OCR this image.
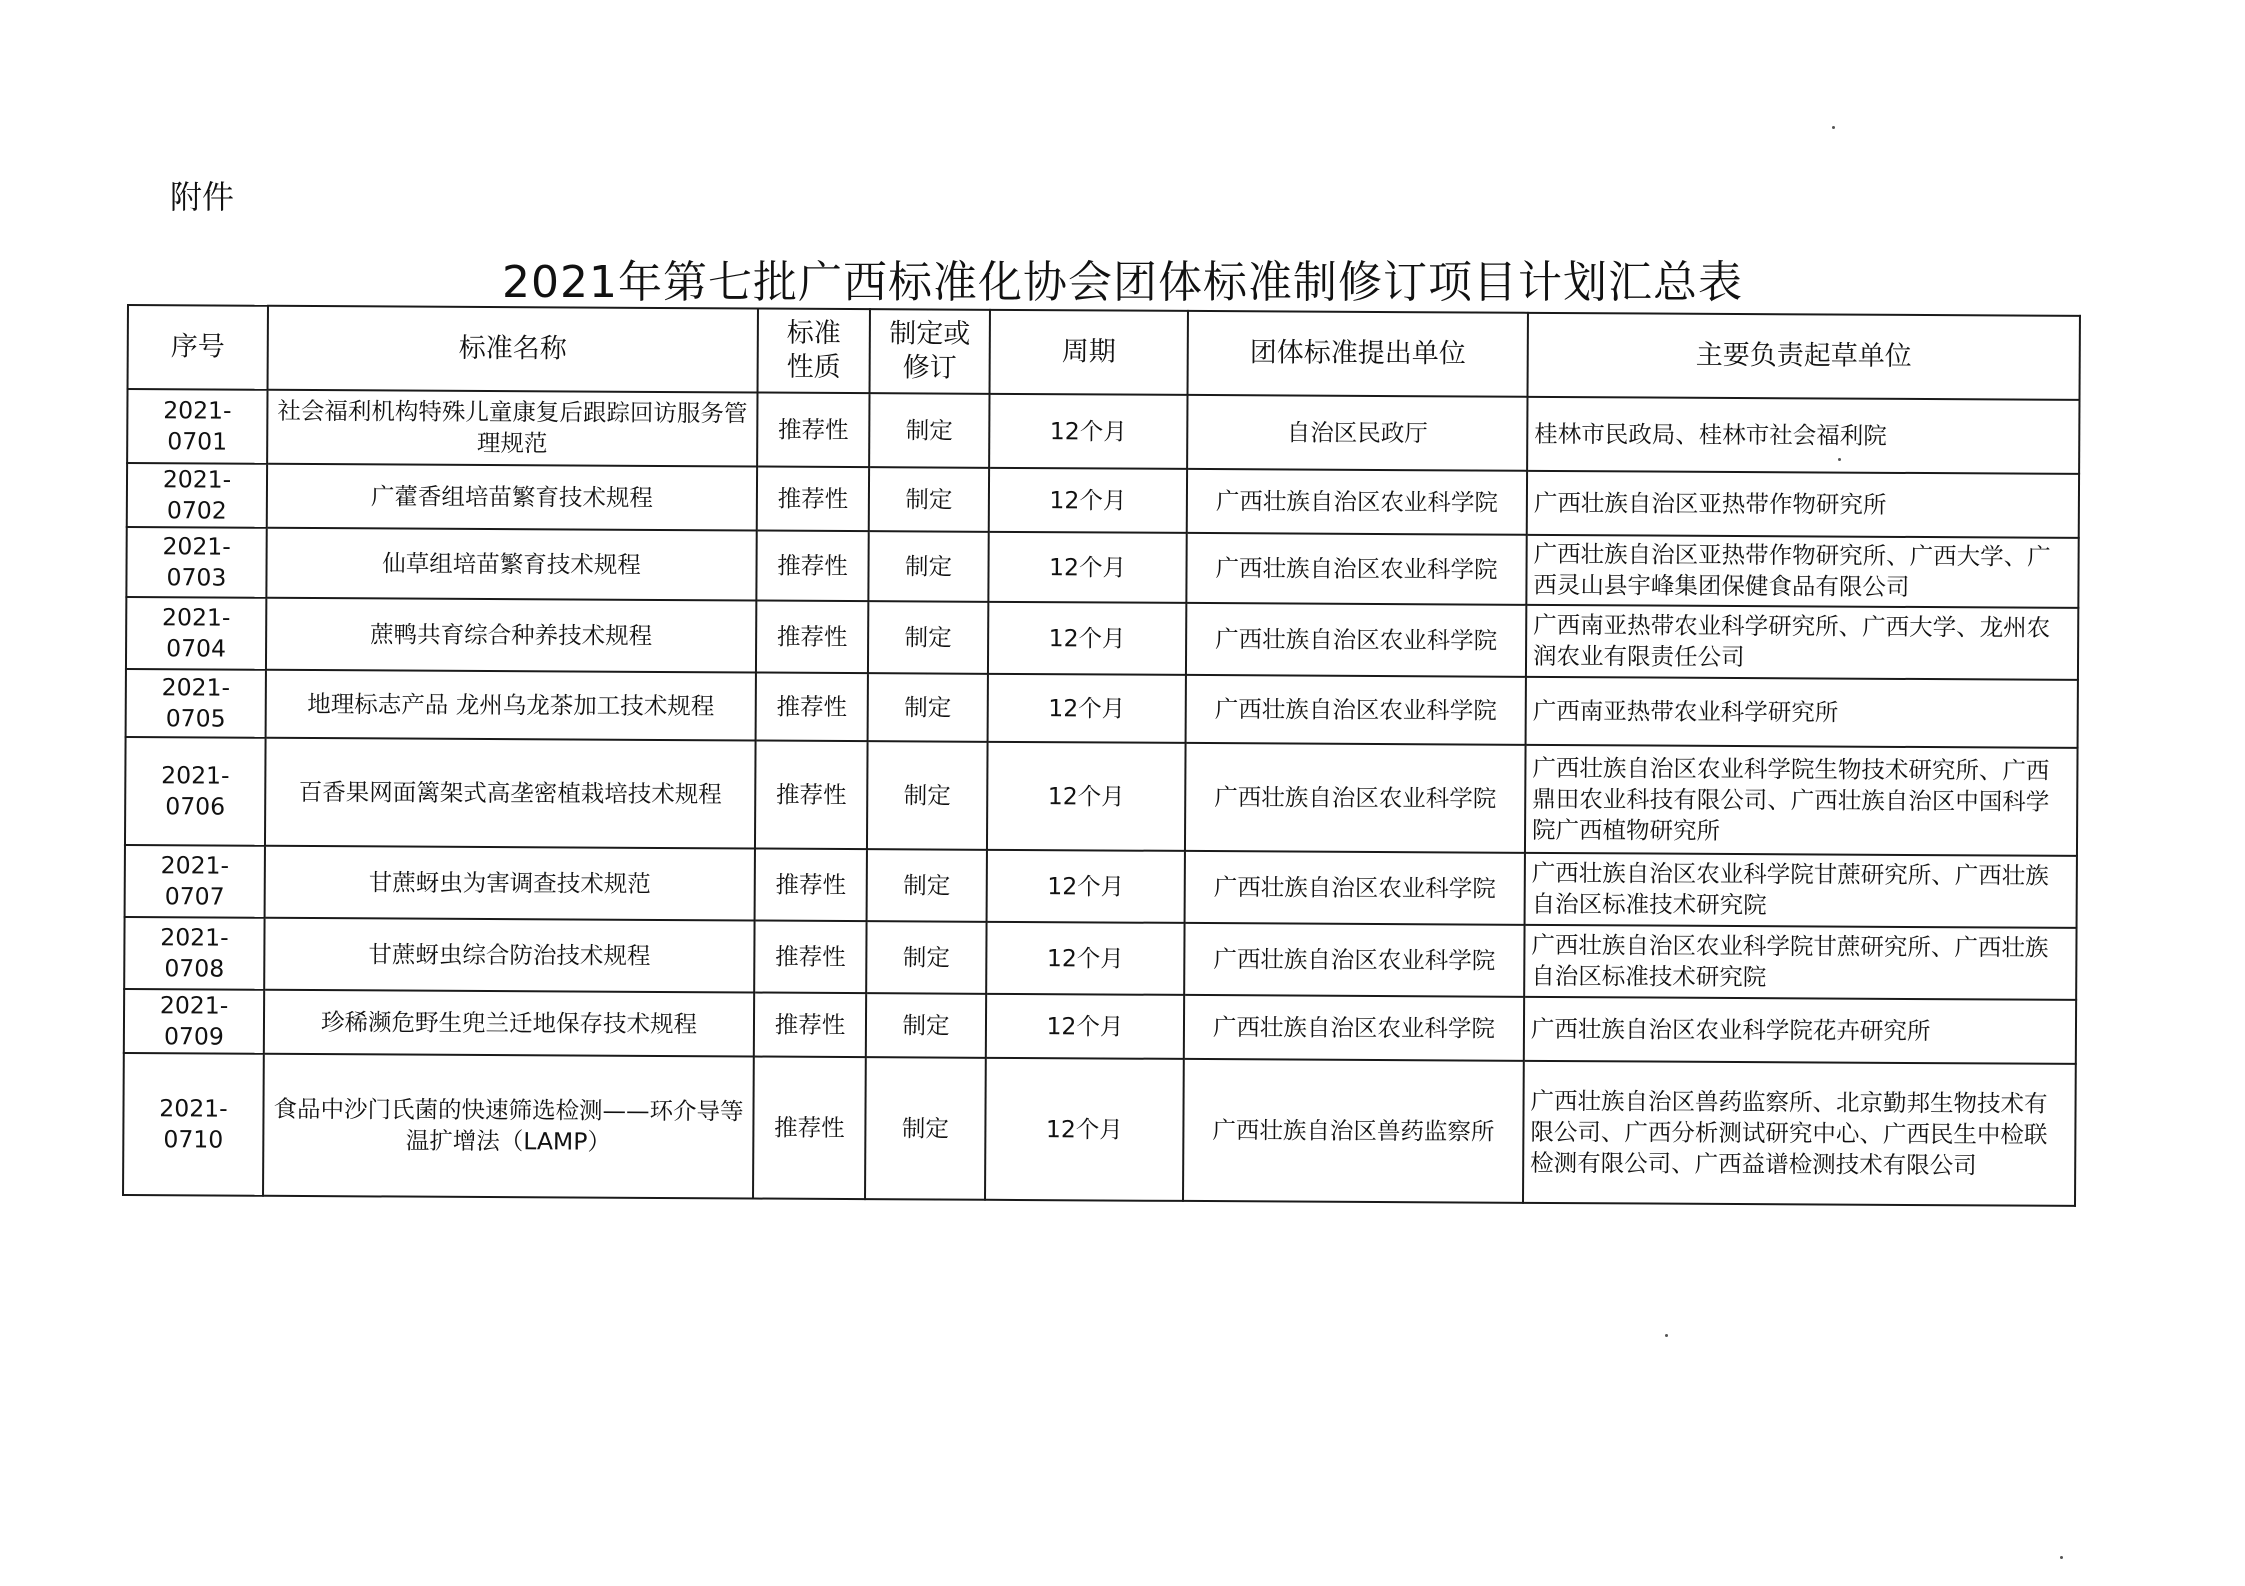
附件
2021年第七批广西标准化协会团体标准制修订项目计划汇总表
序号	标准名称	标准性质	制定或修订	周期	团体标准提出单位	主要负责起草单位
2021-0701	社会福利机构特殊儿童康复后跟踪回访服务管理规范	推荐性	制定	12个月	自治区民政厅	桂林市民政局、桂林市社会福利院
2021-0702	广藿香组培苗繁育技术规程	推荐性	制定	12个月	广西壮族自治区农业科学院	广西壮族自治区亚热带作物研究所
2021-0703	仙草组培苗繁育技术规程	推荐性	制定	12个月	广西壮族自治区农业科学院	广西壮族自治区亚热带作物研究所、广西大学、广西灵山县宇峰集团保健食品有限公司
2021-0704	蔗鸭共育综合种养技术规程	推荐性	制定	12个月	广西壮族自治区农业科学院	广西南亚热带农业科学研究所、广西大学、龙州农润农业有限责任公司
2021-0705	地理标志产品 龙州乌龙茶加工技术规程	推荐性	制定	12个月	广西壮族自治区农业科学院	广西南亚热带农业科学研究所
2021-0706	百香果网面篱架式高垄密植栽培技术规程	推荐性	制定	12个月	广西壮族自治区农业科学院	广西壮族自治区农业科学院生物技术研究所、广西鼎田农业科技有限公司、广西壮族自治区中国科学院广西植物研究所
2021-0707	甘蔗蚜虫为害调查技术规范	推荐性	制定	12个月	广西壮族自治区农业科学院	广西壮族自治区农业科学院甘蔗研究所、广西壮族自治区标准技术研究院
2021-0708	甘蔗蚜虫综合防治技术规程	推荐性	制定	12个月	广西壮族自治区农业科学院	广西壮族自治区农业科学院甘蔗研究所、广西壮族自治区标准技术研究院
2021-0709	珍稀濒危野生兜兰迁地保存技术规程	推荐性	制定	12个月	广西壮族自治区农业科学院	广西壮族自治区农业科学院花卉研究所
2021-0710	食品中沙门氏菌的快速筛选检测——环介导等温扩增法（LAMP）	推荐性	制定	12个月	广西壮族自治区兽药监察所	广西壮族自治区兽药监察所、北京勤邦生物技术有限公司、广西分析测试研究中心、广西民生中检联检测有限公司、广西益谱检测技术有限公司
